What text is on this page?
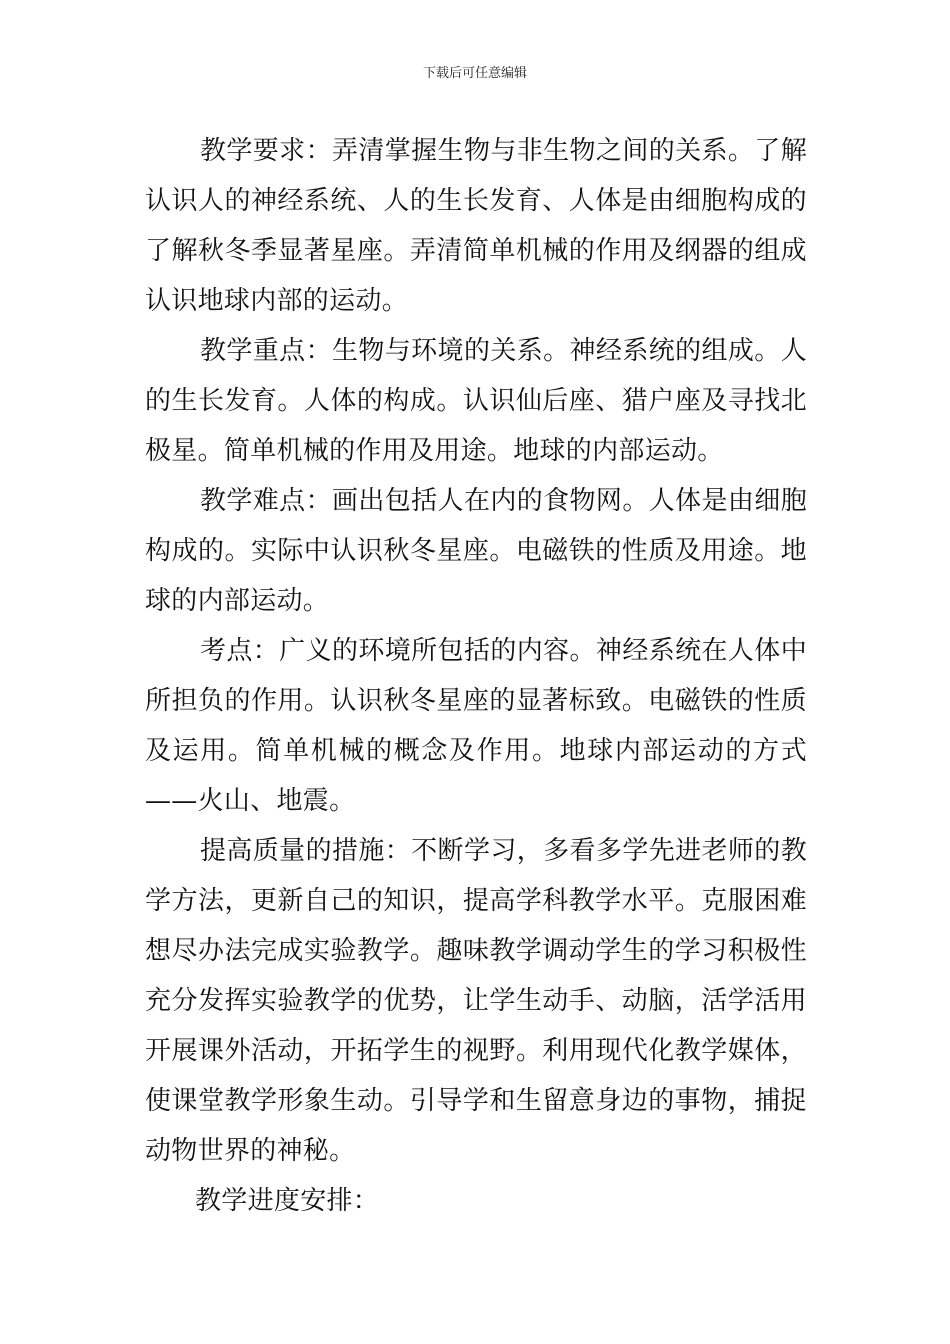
下载后可任意编辑

教学要求：弄清掌握生物与非生物之间的关系。了解认识人的神经系统、人的生长发育、人体是由细胞构成的了解秋冬季显著星座。弄清简单机械的作用及纲器的组成认识地球内部的运动。

教学重点：生物与环境的关系。神经系统的组成。人的生长发育。人体的构成。认识仙后座、猎户座及寻找北极星。简单机械的作用及用途。地球的内部运动。

教学难点：画出包括人在内的食物网。人体是由细胞构成的。实际中认识秋冬星座。电磁铁的性质及用途。地球的内部运动。

考点：广义的环境所包括的内容。神经系统在人体中所担负的作用。认识秋冬星座的显著标致。电磁铁的性质及运用。简单机械的概念及作用。地球内部运动的方式——火山、地震。

提高质量的措施：不断学习，多看多学先进老师的教学方法，更新自己的知识，提高学科教学水平。克服困难想尽办法完成实验教学。趣味教学调动学生的学习积极性充分发挥实验教学的优势，让学生动手、动脑，活学活用开展课外活动，开拓学生的视野。利用现代化教学媒体，使课堂教学形象生动。引导学和生留意身边的事物，捕捉动物世界的神秘。

教学进度安排：
